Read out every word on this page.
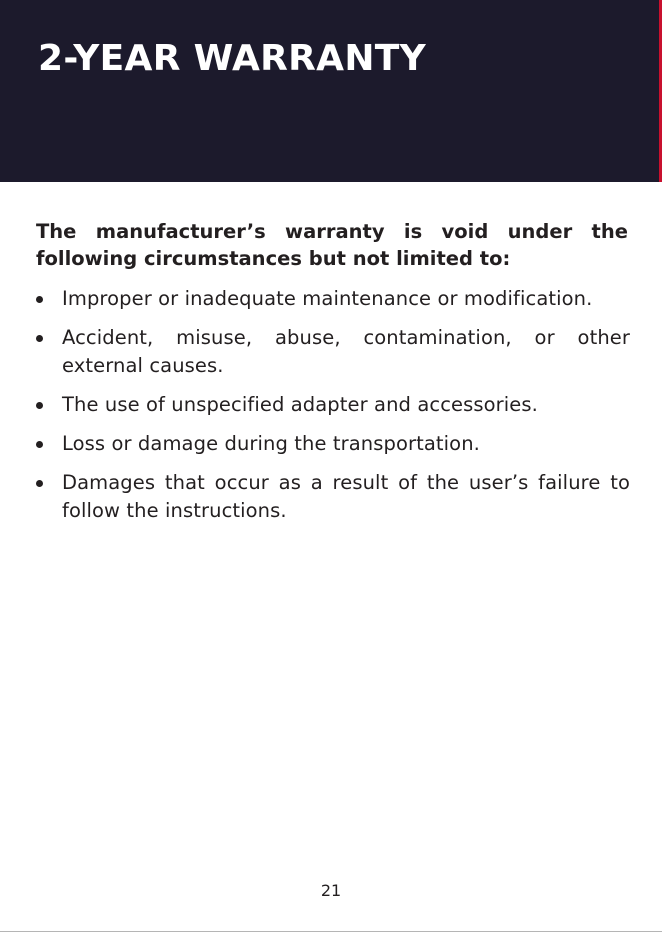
2-YEAR WARRANTY

The manufacturer’s warranty is void under the following circumstances but not limited to:

Improper or inadequate maintenance or modification.
Accident, misuse, abuse, contamination, or other external causes.
The use of unspecified adapter and accessories.
Loss or damage during the transportation.
Damages that occur as a result of the user’s failure to follow the instructions.
21
